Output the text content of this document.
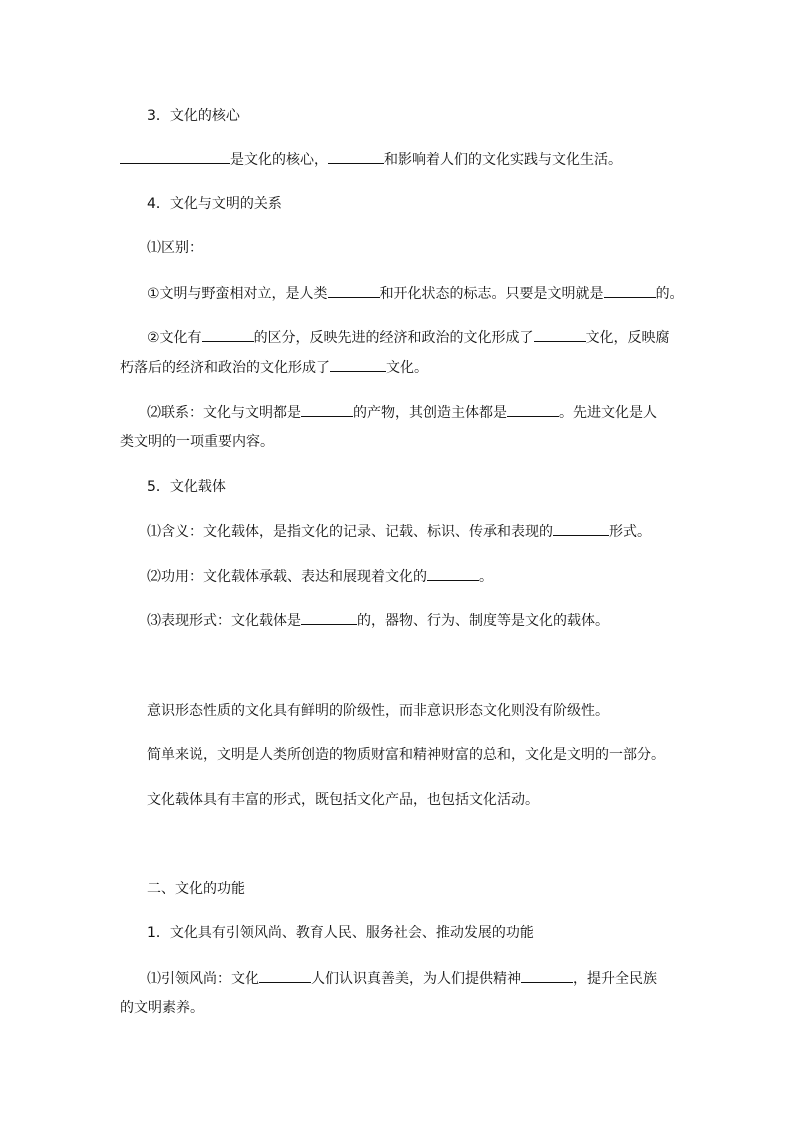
3．文化的核心
是文化的核心，	和影响着人们的文化实践与文化生活。
4．文化与文明的关系
⑴区别：
①文明与野蛮相对立，是人类	和开化状态的标志。只要是文明就是	的。
②文化有	的区分，反映先进的经济和政治的文化形成了	文化，反映腐
朽落后的经济和政治的文化形成了	文化。
⑵联系：文化与文明都是	的产物，其创造主体都是	。先进文化是人
类文明的一项重要内容。
5．文化载体
⑴含义：文化载体，是指文化的记录、记载、标识、传承和表现的	形式。
⑵功用：文化载体承载、表达和展现着文化的	。
⑶表现形式：文化载体是	的，器物、行为、制度等是文化的载体。
意识形态性质的文化具有鲜明的阶级性，而非意识形态文化则没有阶级性。
简单来说，文明是人类所创造的物质财富和精神财富的总和，文化是文明的一部分。
文化载体具有丰富的形式，既包括文化产品，也包括文化活动。
二、文化的功能
1．文化具有引领风尚、教育人民、服务社会、推动发展的功能
⑴引领风尚：文化	人们认识真善美，为人们提供精神	，提升全民族
的文明素养。
